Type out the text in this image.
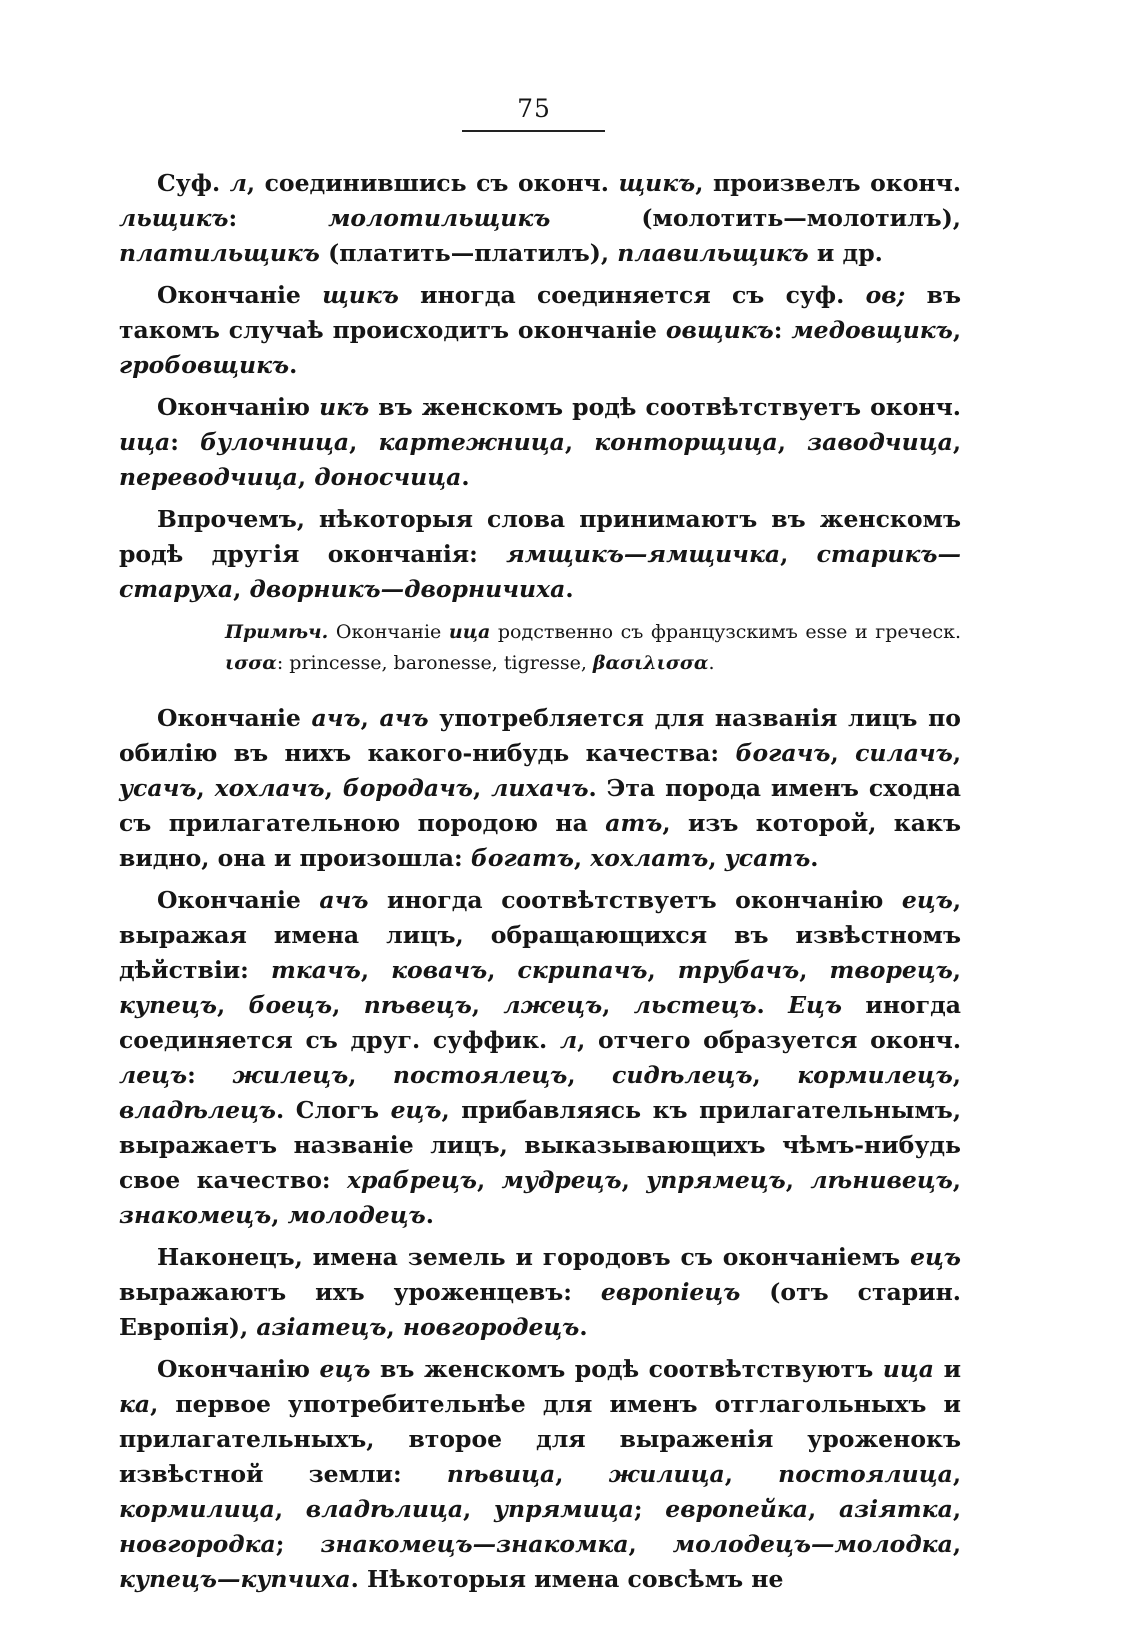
75

Суф. л, соединившись съ оконч. щикъ, произвелъ оконч. льщикъ: молотильщикъ (молотить—молотилъ), платильщикъ (платить—платилъ), плавильщикъ и др.

Окончаніе щикъ иногда соединяется съ суф. ов; въ такомъ случаѣ происходитъ окончаніе овщикъ: медовщикъ, гробовщикъ.

Окончанію икъ въ женскомъ родѣ соотвѣтствуетъ оконч. ица: булочница, картежница, конторщица, заводчица, переводчица, доносчица.

Впрочемъ, нѣкоторыя слова принимаютъ въ женскомъ родѣ другія окончанія: ямщикъ—ямщичка, старикъ—старуха, дворникъ—дворничиха.

Примѣч. Окончаніе ица родственно съ французскимъ esse и греческ. ισσα: princesse, baronesse, tigresse, βασιλισσα.

Окончаніе ачъ, ачъ употребляется для названія лицъ по обилію въ нихъ какого-нибудь качества: богачъ, силачъ, усачъ, хохлачъ, бородачъ, лихачъ. Эта порода именъ сходна съ прилагательною породою на атъ, изъ которой, какъ видно, она и произошла: богатъ, хохлатъ, усатъ.

Окончаніе ачъ иногда соотвѣтствуетъ окончанію ецъ, выражая имена лицъ, обращающихся въ извѣстномъ дѣйствіи: ткачъ, ковачъ, скрипачъ, трубачъ, творецъ, купецъ, боецъ, пѣвецъ, лжецъ, льстецъ. Ецъ иногда соединяется съ друг. суффик. л, отчего образуется оконч. лецъ: жилецъ, постоялецъ, сидѣлецъ, кормилецъ, владѣлецъ. Слогъ ецъ, прибавляясь къ прилагательнымъ, выражаетъ названіе лицъ, выказывающихъ чѣмъ-нибудь свое качество: храбрецъ, мудрецъ, упрямецъ, лѣнивецъ, знакомецъ, молодецъ.

Наконецъ, имена земель и городовъ съ окончаніемъ ецъ выражаютъ ихъ уроженцевъ: европіецъ (отъ старин. Европія), азіатецъ, новгородецъ.

Окончанію ецъ въ женскомъ родѣ соотвѣтствуютъ ица и ка, первое употребительнѣе для именъ отглагольныхъ и прилагательныхъ, второе для выраженія уроженокъ извѣстной земли: пѣвица, жилица, постоялица, кормилица, владѣлица, упрямица; европейка, азіятка, новгородка; знакомецъ—знакомка, молодецъ—молодка, купецъ—купчиха. Нѣкоторыя имена совсѣмъ не
